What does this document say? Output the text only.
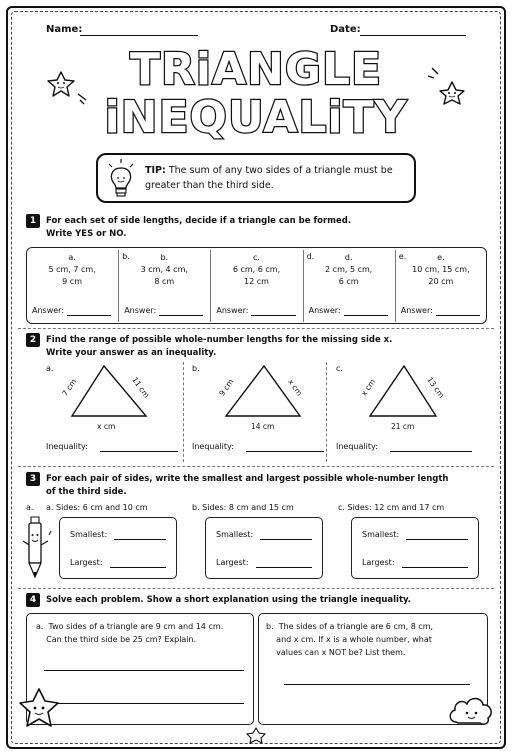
Name:	Date:
TRiANGLE
iNEQUALiTY
TIP: The sum of any two sides of a triangle must be greater than the third side.
1	For each set of side lengths, decide if a triangle can be formed.
Write YES or NO.
a.
5 cm, 7 cm,
9 cm
Answer:
b.	b.
3 cm, 4 cm,
8 cm
Answer:
c.
6 cm, 6 cm,
12 cm
Answer:
d.	d.
2 cm, 5 cm,
6 cm
Answer:
e.	e.
10 cm, 15 cm,
20 cm
Answer:
2	Find the range of possible whole-number lengths for the missing side x.
Write your answer as an inequality.
a.
7 cm	11 cm
x cm
Inequality:
b.
9 cm	x cm
14 cm
Inequality:
c.
x cm	13 cm
21 cm
Inequality:
3	For each pair of sides, write the smallest and largest possible whole-number length
of the third side.
a. a. Sides: 6 cm and 10 cm
Smallest:
Largest:
b. Sides: 8 cm and 15 cm
Smallest:
Largest:
c. Sides: 12 cm and 17 cm
Smallest:
Largest:
4	Solve each problem. Show a short explanation using the triangle inequality.
a. Two sides of a triangle are 9 cm and 14 cm.
Can the third side be 25 cm? Explain.
b. The sides of a triangle are 6 cm, 8 cm,
and x cm. If x is a whole number, what
values can x NOT be? List them.
